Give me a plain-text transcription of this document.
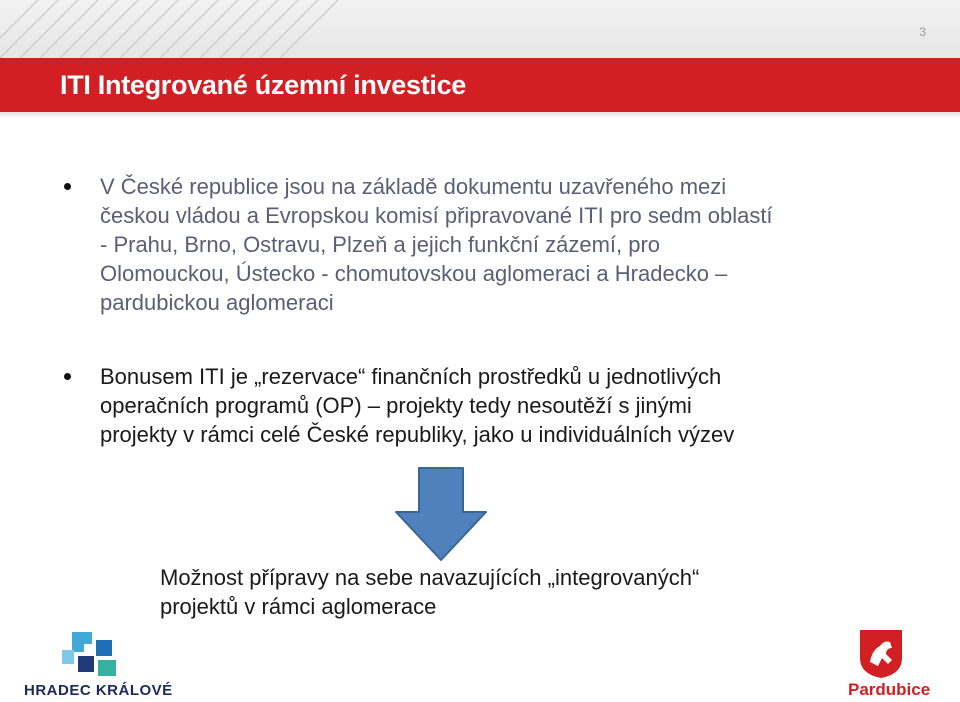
3
ITI Integrované územní investice
V České republice jsou na základě dokumentu uzavřeného mezi
českou vládou a Evropskou komisí připravované ITI pro sedm oblastí
- Prahu, Brno, Ostravu, Plzeň a jejich funkční zázemí, pro
Olomouckou, Ústecko - chomutovskou aglomeraci a Hradecko –
pardubickou aglomeraci
Bonusem ITI je „rezervace“ finančních prostředků u jednotlivých
operačních programů (OP) – projekty tedy nesoutěží s jinými
projekty v rámci celé České republiky, jako u individuálních výzev
Možnost přípravy na sebe navazujících „integrovaných“
projektů v rámci aglomerace
HRADEC KRÁLOVÉ	Pardubice
